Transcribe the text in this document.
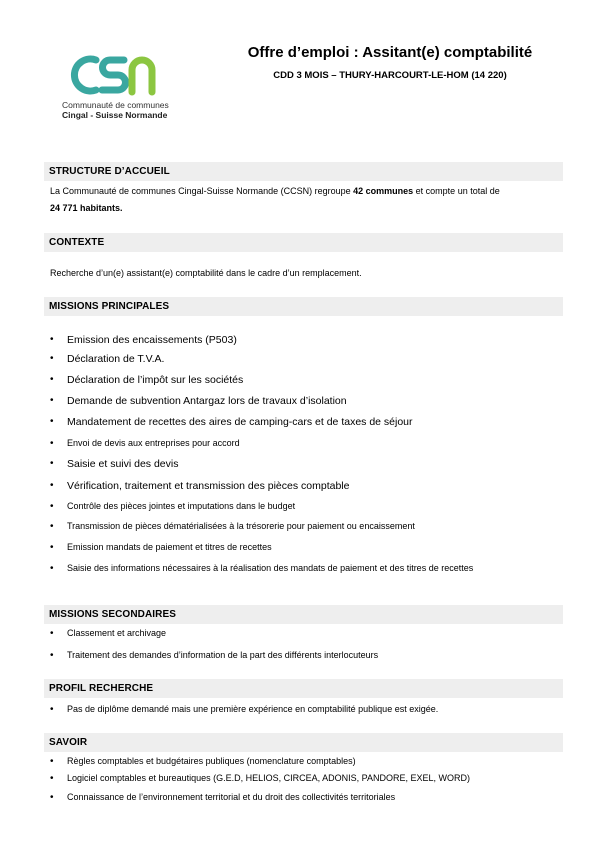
Communauté de communes
Cingal - Suisse Normande
Offre d’emploi : Assitant(e) comptabilité
CDD 3 MOIS – THURY-HARCOURT-LE-HOM (14 220)
STRUCTURE D’ACCUEIL
La Communauté de communes Cingal-Suisse Normande (CCSN) regroupe 42 communes et compte un total de
24 771 habitants.
CONTEXTE
Recherche d’un(e) assistant(e) comptabilité dans le cadre d’un remplacement.
MISSIONS PRINCIPALES
• Emission des encaissements (P503)
• Déclaration de T.V.A.
• Déclaration de l’impôt sur les sociétés
• Demande de subvention Antargaz lors de travaux d’isolation
• Mandatement de recettes des aires de camping-cars et de taxes de séjour
• Envoi de devis aux entreprises pour accord
• Saisie et suivi des devis
• Vérification, traitement et transmission des pièces comptable
• Contrôle des pièces jointes et imputations dans le budget
• Transmission de pièces dématérialisées à la trésorerie pour paiement ou encaissement
• Emission mandats de paiement et titres de recettes
• Saisie des informations nécessaires à la réalisation des mandats de paiement et des titres de recettes
MISSIONS SECONDAIRES
• Classement et archivage
• Traitement des demandes d’information de la part des différents interlocuteurs
PROFIL RECHERCHE
• Pas de diplôme demandé mais une première expérience en comptabilité publique est exigée.
SAVOIR
• Règles comptables et budgétaires publiques (nomenclature comptables)
• Logiciel comptables et bureautiques (G.E.D, HELIOS, CIRCEA, ADONIS, PANDORE, EXEL, WORD)
• Connaissance de l’environnement territorial et du droit des collectivités territoriales
